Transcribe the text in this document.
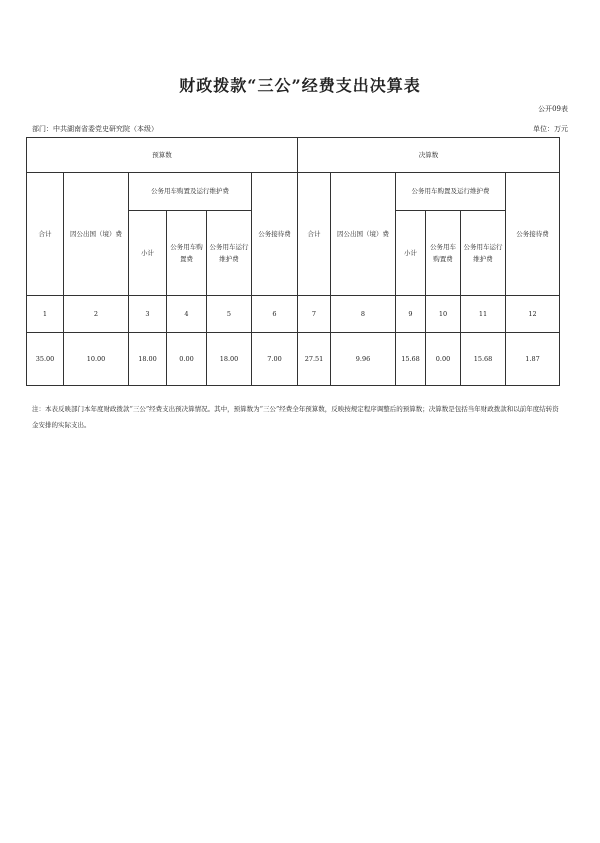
财政拨款“三公”经费支出决算表
公开09表
部门：中共湖南省委党史研究院（本级）	单位：万元
预算数						决算数					
合计	因公出国（境）费	公务用车购置及运行维护费			公务接待费	合计	因公出国（境）费	公务用车购置及运行维护费			公务接待费
		小计	公务用车购置费	公务用车运行维护费				小计	公务用车购置费	公务用车运行维护费	
1	2	3	4	5	6	7	8	9	10	11	12
35.00	10.00	18.00	0.00	18.00	7.00	27.51	9.96	15.68	0.00	15.68	1.87
注：本表反映部门本年度财政拨款“三公”经费支出预决算情况。其中，预算数为“三公”经费全年预算数，反映按规定程序调整后的预算数；决算数是包括当年财政拨款和以前年度结转资金安排的实际支出。
